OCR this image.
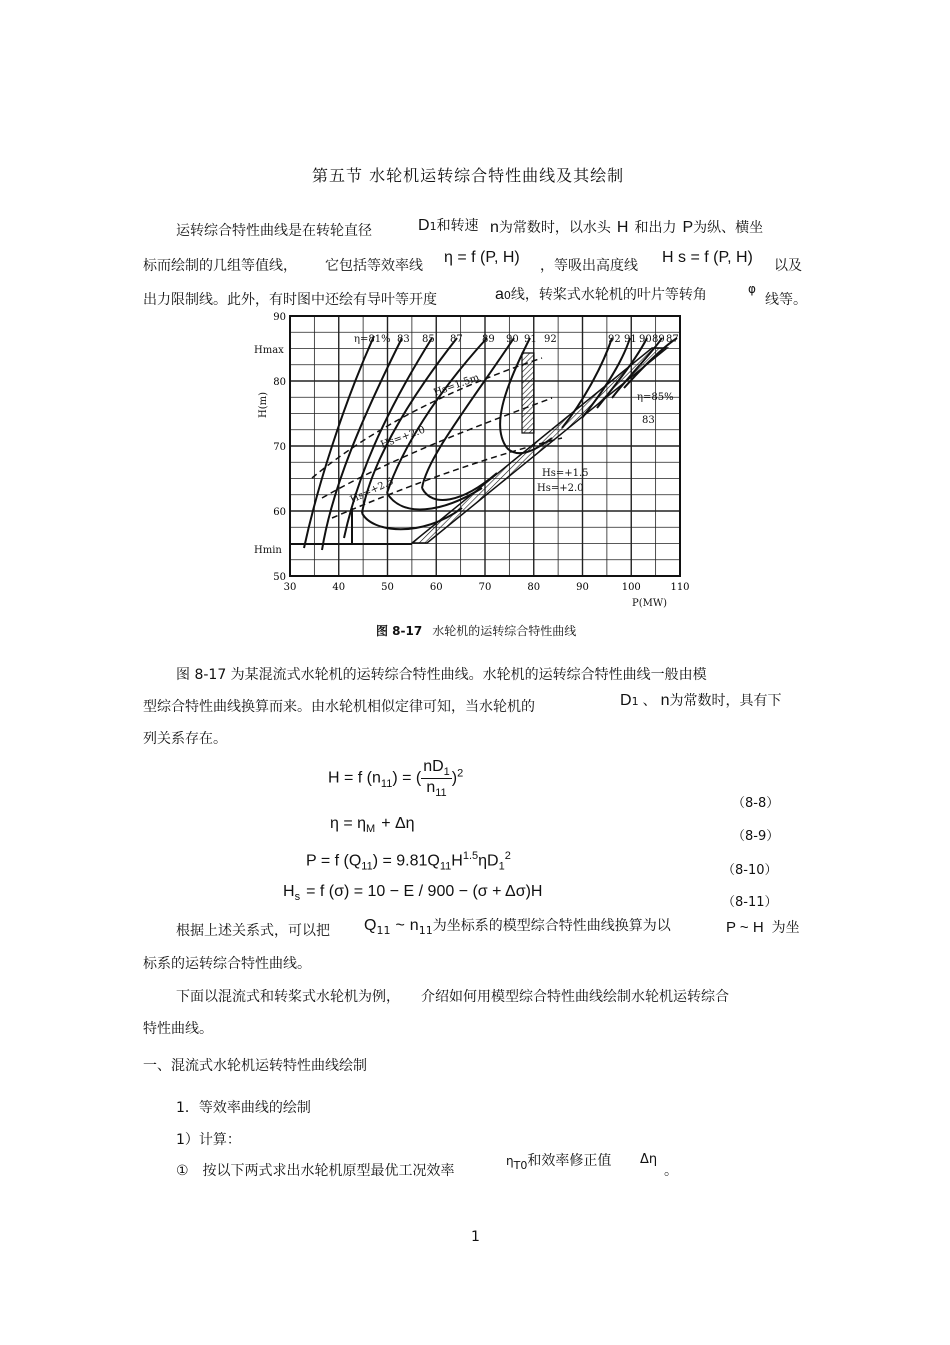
第五节 水轮机运转综合特性曲线及其绘制
运转综合特性曲线是在转轮直径	D1和转速 n为常数时，以水头 H 和出力 P为纵、横坐
标而绘制的几组等值线， 它包括等效率线 η = f (P, H) ，等吸出高度线 H s = f (P, H) 以及
出力限制线。此外，有时图中还绘有导叶等开度	a0线，转桨式水轮机的叶片等转角	φ
线等。
30	40	50	60	70	80	90	100	110
50
60
70
80
90
η=81% 83 85 87 89 90 91 92	92 91 90 89 87
η=85%
83
Hs=1.5m
Hs=+2.0
Hs=+2.5
Hs=+1.5
Hs=+2.0
Hmax
Hmin
H(m)
P(MW)
图 8-17 水轮机的运转综合特性曲线
图 8-17 为某混流式水轮机的运转综合特性曲线。水轮机的运转综合特性曲线一般由模
型综合特性曲线换算而来。由水轮机相似定律可知，当水轮机的	D1 、 n为常数时，具有下
列关系存在。
H = f $(n_{11})$ = ( $\frac{nD_1}{n_{11}} )^2$
（8-8）
$\eta = \eta_M + \Delta\eta$
（8-9）
P = f $(Q_{11}) = 9.81Q_{11}H^{1.5}\eta D_1^2$
（8-10）
$H_s = f$ (σ) = 10 − E / 900 − (σ + Δσ)H
（8-11）
根据上述关系式，可以把 $Q_{11}$ ~ $n_{11}$为坐标系的模型综合特性曲线换算为以	P ~ H 为坐
标系的运转综合特性曲线。
下面以混流式和转桨式水轮机为例，　　介绍如何用模型综合特性曲线绘制水轮机运转综合
特性曲线。
一、混流式水轮机运转特性曲线绘制
1．等效率曲线的绘制
1）计算：
①　按以下两式求出水轮机原型最优工况效率
$\eta_{T0}$和效率修正值 Δη
。
1
